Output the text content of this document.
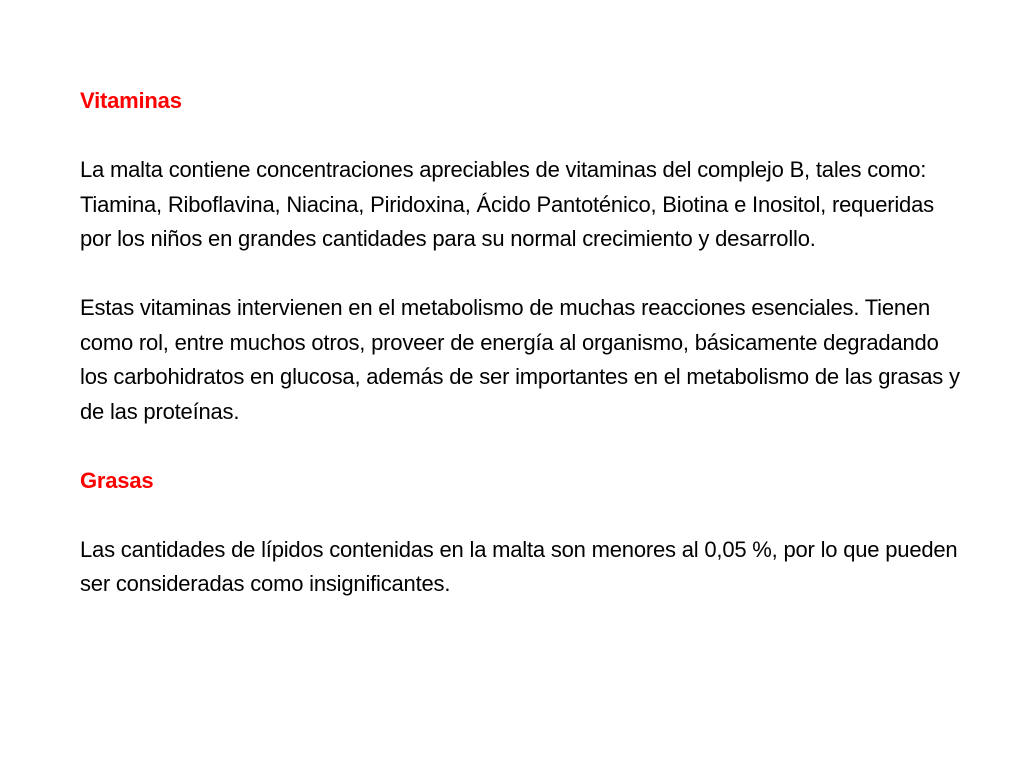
Vitaminas

La malta contiene concentraciones apreciables de vitaminas del complejo B, tales como: Tiamina, Riboflavina, Niacina, Piridoxina, Ácido Pantoténico, Biotina e Inositol, requeridas por los niños en grandes cantidades para su normal crecimiento y desarrollo.

Estas vitaminas intervienen en el metabolismo de muchas reacciones esenciales. Tienen como rol, entre muchos otros, proveer de energía al organismo, básicamente degradando los carbohidratos en glucosa, además de ser importantes en el metabolismo de las grasas y de las proteínas.

Grasas

Las cantidades de lípidos contenidas en la malta son menores al 0,05 %, por lo que pueden ser consideradas como insignificantes.
